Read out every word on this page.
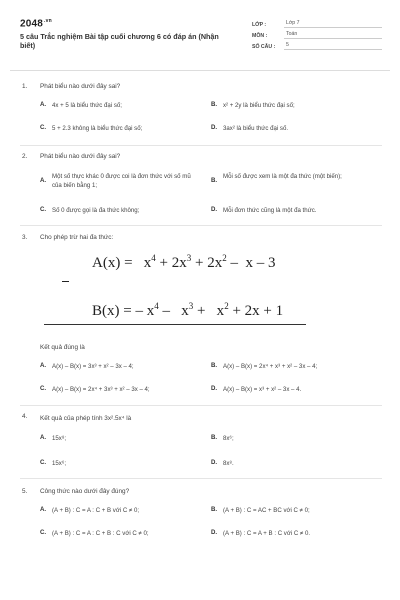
$2048^{.vn}$
5 câu Trắc nghiệm Bài tập cuối chương 6 có đáp án (Nhận biết)
LỚP :	Lớp 7
MÔN :	Toán
SỐ CÂU :	5
1. Phát biểu nào dưới đây sai?
A. 4x + 5 là biểu thức đại số;	B. x² + 2y là biểu thức đại số;
C. 5 + 2.3 không là biểu thức đại số;	D. 3ax² là biểu thức đại số.
2. Phát biểu nào dưới đây sai?
A.
Một số thực khác 0 được coi là đơn thức với số mũ của biến bằng 1;
B.
Mỗi số được xem là một đa thức (một biến);
C. Số 0 được gọi là đa thức không;	D. Mỗi đơn thức cũng là một đa thức.
3. Cho phép trừ hai đa thức:
$A(x) = x^4 + 2x^3 + 2x^2 - x - 3$
B(x) = – $x^4 - x^3 + x^2 + 2x + 1$
Kết quả đúng là
A. A(x) – B(x) = 3x³ + x² – 3x – 4;	B. A(x) – B(x) = 2x⁴ + x³ + x² – 3x – 4;
C. A(x) – B(x) = 2x⁴ + 3x³ + x² – 3x – 4;	D. A(x) – B(x) = x³ + x² – 3x – 4.
4. Kết quả của phép tính 3x².5x⁴ là
A. 15x⁸;	B. 8x⁶;
C. 15x⁶;	D. 8x⁸.
5. Công thức nào dưới đây đúng?
A. (A + B) : C = A : C + B với C ≠ 0;	B. (A + B) : C = AC + BC với C ≠ 0;
C. (A + B) : C = A : C + B : C với C ≠ 0;	D. (A + B) : C = A + B : C với C ≠ 0.
